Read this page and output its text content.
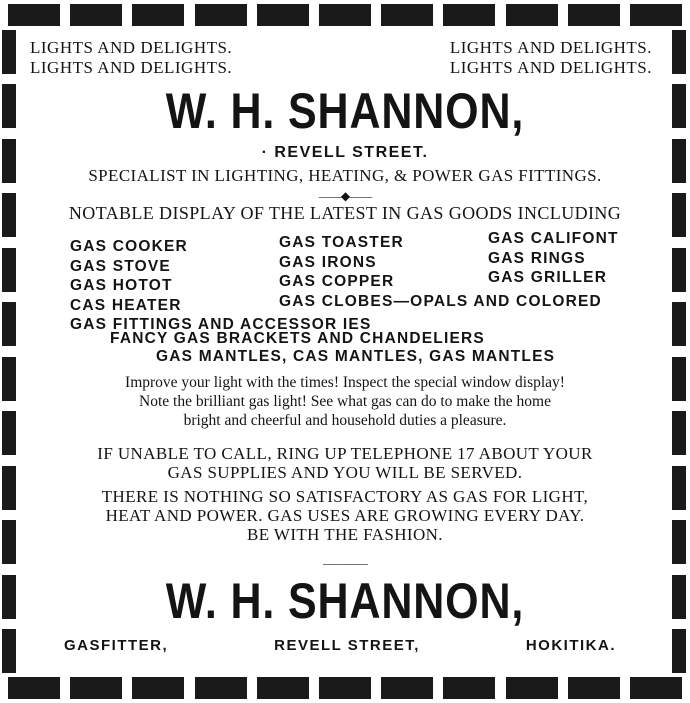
LIGHTS AND DELIGHTS.
LIGHTS AND DELIGHTS.
LIGHTS AND DELIGHTS.
LIGHTS AND DELIGHTS.
W. H. SHANNON,
· REVELL STREET.
SPECIALIST IN LIGHTING, HEATING, & POWER GAS FITTINGS.
——◆——
NOTABLE DISPLAY OF THE LATEST IN GAS GOODS INCLUDING
GAS COOKER
GAS STOVE
GAS HOTOT
CAS HEATER
GAS TOASTER
GAS IRONS
GAS COPPER
GAS CLOBES—OPALS AND COLORED
GAS CALIFONT
GAS RINGS
GAS GRILLER
GAS FITTINGS AND ACCESSOR IES
FANCY GAS BRACKETS AND CHANDELIERS
GAS MANTLES, CAS MANTLES, GAS MANTLES
Improve your light with the times! Inspect the special window display!
Note the brilliant gas light! See what gas can do to make the home
bright and cheerful and household duties a pleasure.
IF UNABLE TO CALL, RING UP TELEPHONE 17 ABOUT YOUR
GAS SUPPLIES AND YOU WILL BE SERVED.
THERE IS NOTHING SO SATISFACTORY AS GAS FOR LIGHT,
HEAT AND POWER. GAS USES ARE GROWING EVERY DAY.
BE WITH THE FASHION.
————
W. H. SHANNON,
GASFITTER,	REVELL STREET,	HOKITIKA.
